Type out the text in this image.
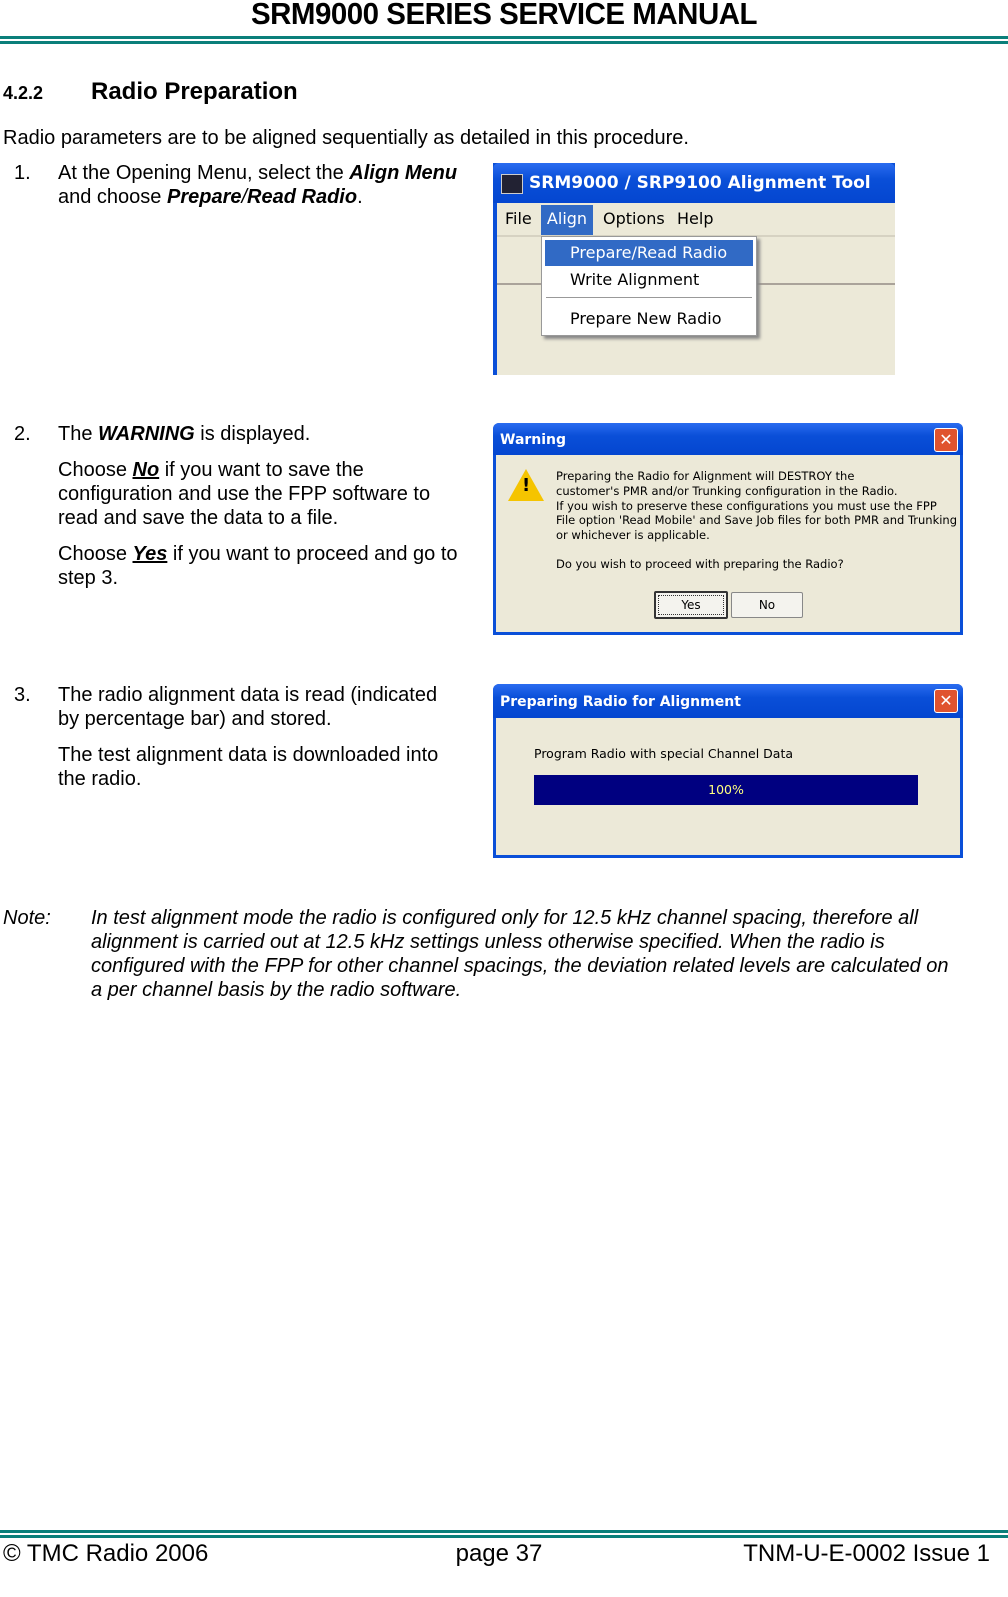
SRM9000 SERIES SERVICE MANUAL
4.2.2 Radio Preparation
Radio parameters are to be aligned sequentially as detailed in this procedure.
1. At the Opening Menu, select the Align Menu
and choose Prepare/Read Radio.
SRM9000 / SRP9100 Alignment Tool
File Align Options Help
Prepare/Read Radio
Write Alignment
Prepare New Radio
2. The WARNING is displayed.
Choose No if you want to save the
configuration and use the FPP software to
read and save the data to a file.
Choose Yes if you want to proceed and go to
step 3.
Warning	✕
! Preparing the Radio for Alignment will DESTROY the
customer's PMR and/or Trunking configuration in the Radio.
If you wish to preserve these configurations you must use the FPP
File option 'Read Mobile' and Save Job files for both PMR and Trunking
or whichever is applicable.
Do you wish to proceed with preparing the Radio?
Yes	No
3. The radio alignment data is read (indicated
by percentage bar) and stored.
The test alignment data is downloaded into
the radio.
Preparing Radio for Alignment	✕
Program Radio with special Channel Data
100%
Note: In test alignment mode the radio is configured only for 12.5 kHz channel spacing, therefore all
alignment is carried out at 12.5 kHz settings unless otherwise specified. When the radio is
configured with the FPP for other channel spacings, the deviation related levels are calculated on
a per channel basis by the radio software.
© TMC Radio 2006	page 37	TNM-U-E-0002 Issue 1
